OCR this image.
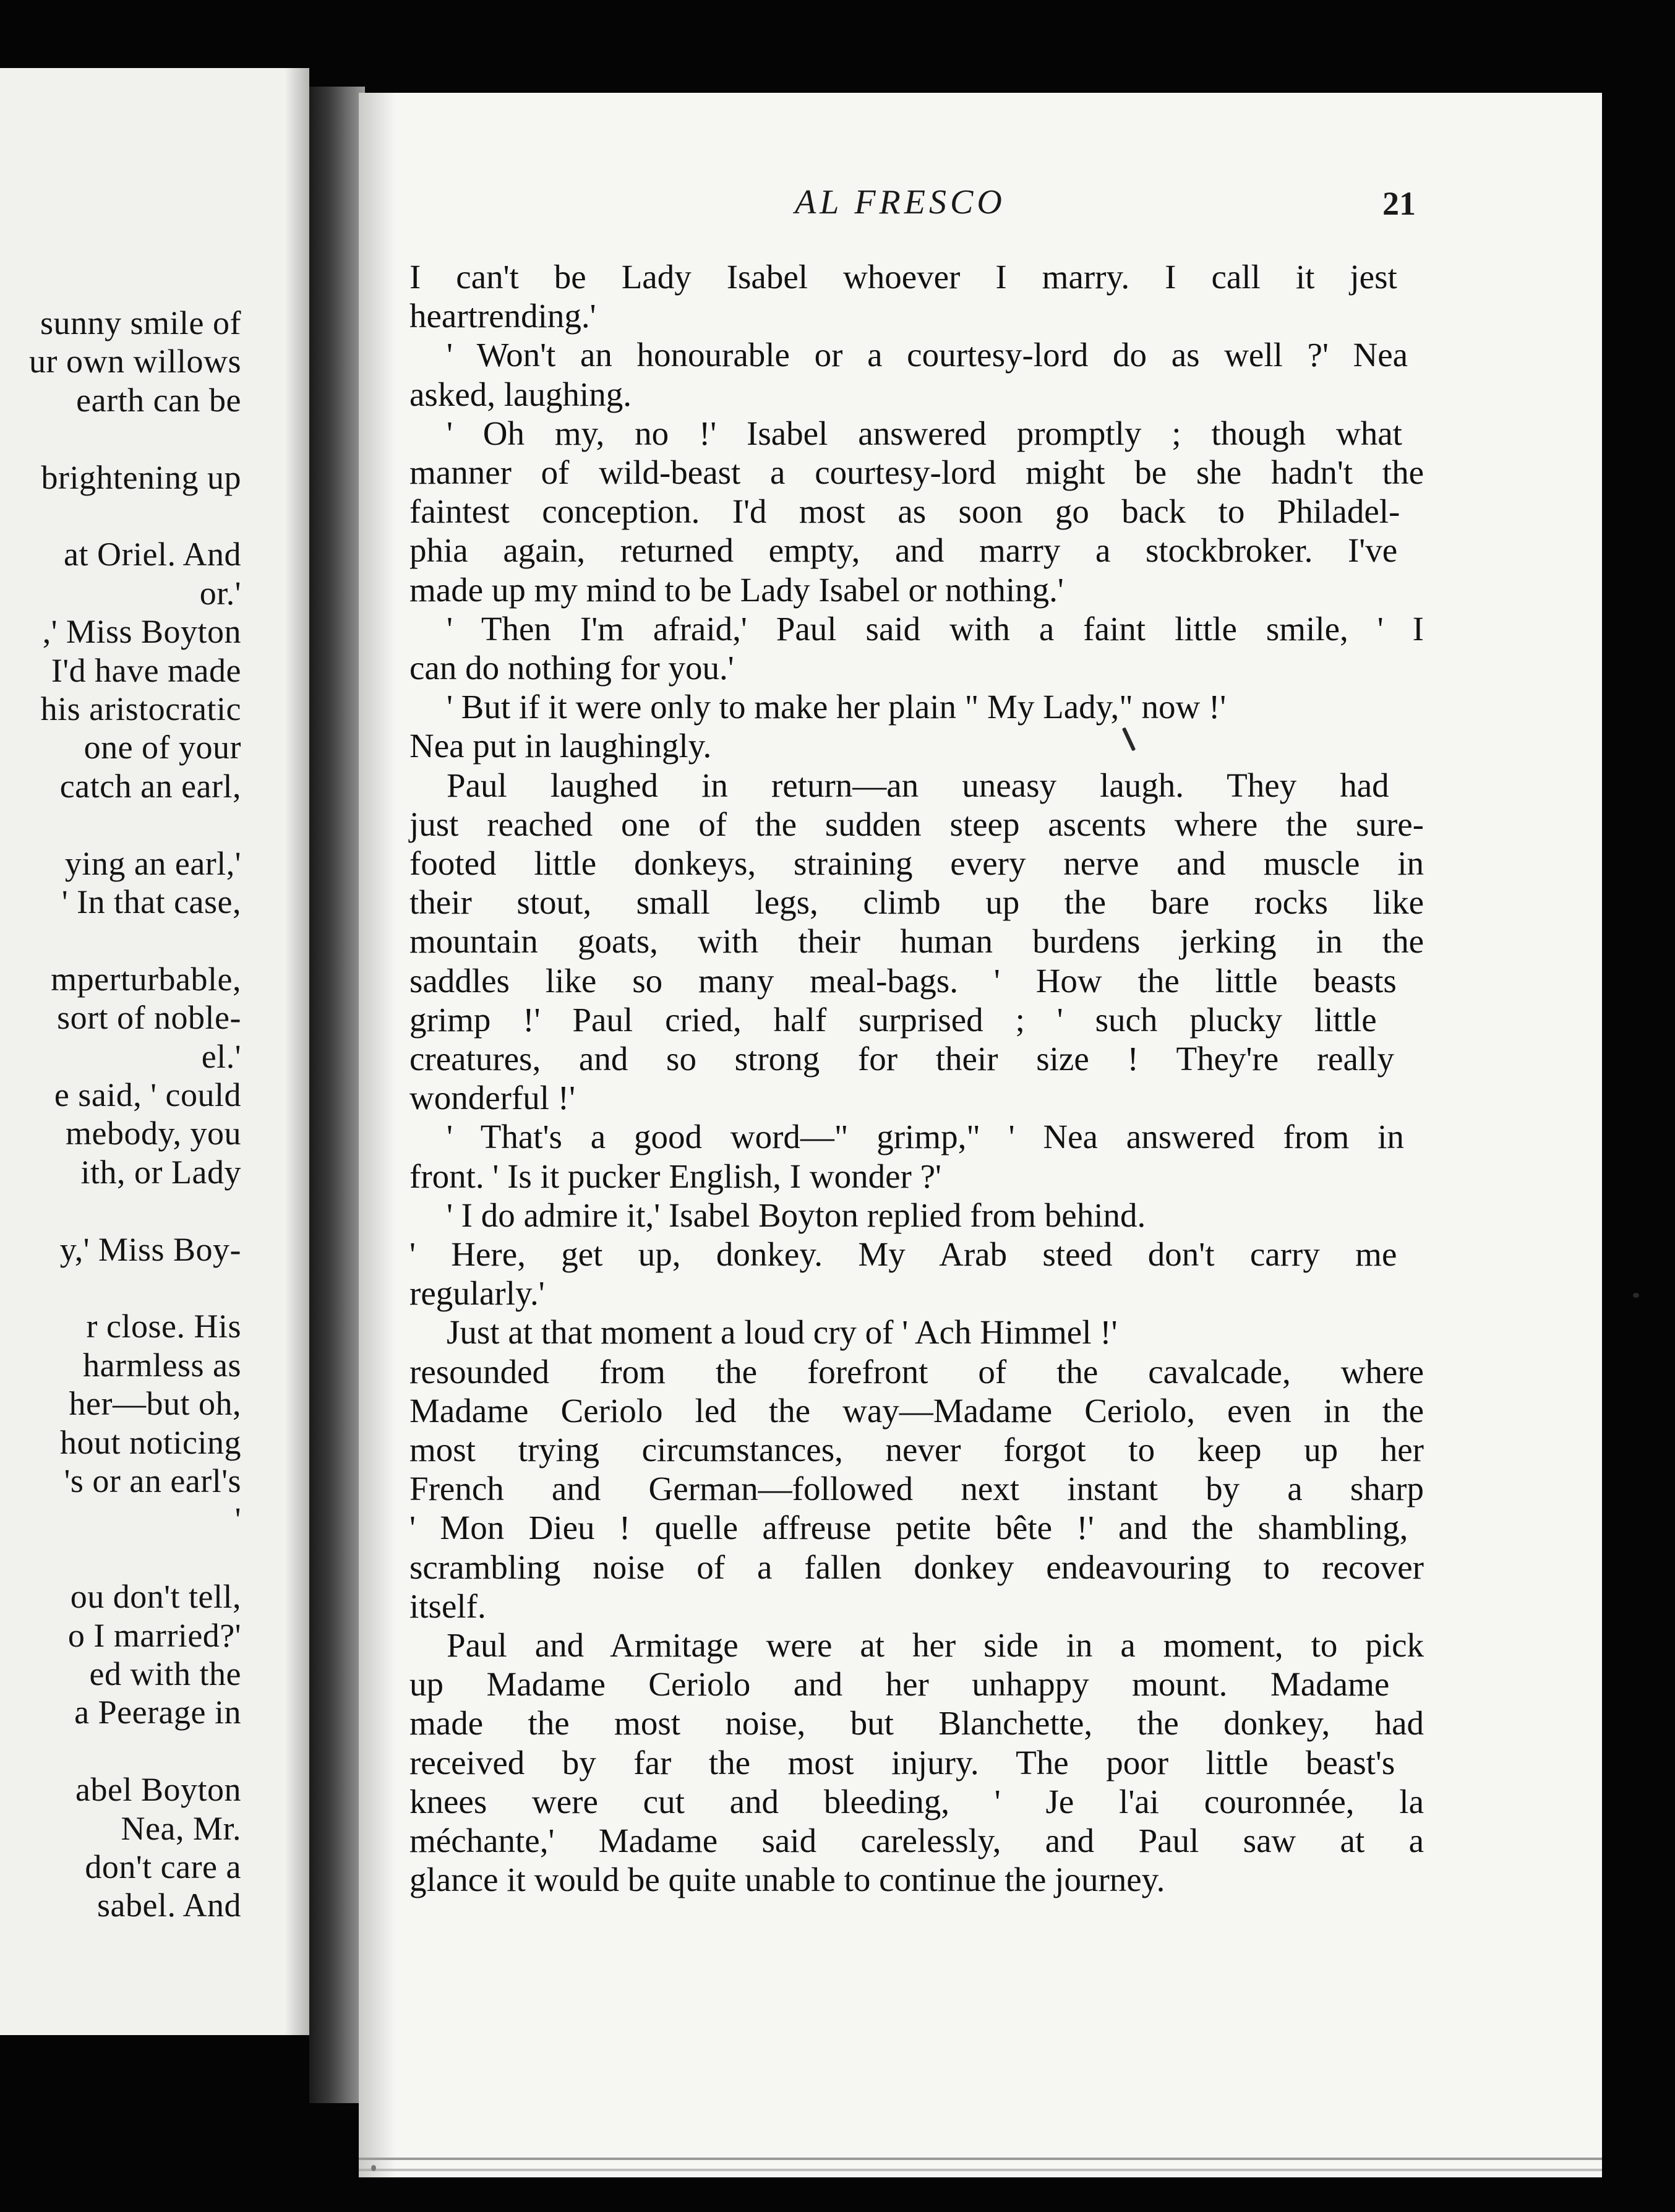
sunny smile of
ur own willows
earth can be
brightening up
at Oriel. And
or.'
,' Miss Boyton
I'd have made
his aristocratic
one of your
catch an earl,
ying an earl,'
' In that case,
mperturbable,
sort of noble-
el.'
e said, ' could
mebody, you
ith, or Lady
y,' Miss Boy-
r close. His
harmless as
her—but oh,
hout noticing
's or an earl's
'
ou don't tell,
o I married?'
ed with the
a Peerage in
abel Boyton
Nea, Mr.
don't care a
sabel. And
AL FRESCO	21
I can't be Lady Isabel whoever I marry. I call it jest
heartrending.'
' Won't an honourable or a courtesy-lord do as well ?' Nea
asked, laughing.
' Oh my, no !' Isabel answered promptly ; though what
manner of wild-beast a courtesy-lord might be she hadn't the
faintest conception. I'd most as soon go back to Philadel-
phia again, returned empty, and marry a stockbroker. I've
made up my mind to be Lady Isabel or nothing.'
' Then I'm afraid,' Paul said with a faint little smile, ' I
can do nothing for you.'
' But if it were only to make her plain " My Lady," now !'
Nea put in laughingly.
Paul laughed in return—an uneasy laugh. They had
just reached one of the sudden steep ascents where the sure-
footed little donkeys, straining every nerve and muscle in
their stout, small legs, climb up the bare rocks like
mountain goats, with their human burdens jerking in the
saddles like so many meal-bags. ' How the little beasts
grimp !' Paul cried, half surprised ; ' such plucky little
creatures, and so strong for their size ! They're really
wonderful !'
' That's a good word—" grimp," ' Nea answered from in
front. ' Is it pucker English, I wonder ?'
' I do admire it,' Isabel Boyton replied from behind.
' Here, get up, donkey. My Arab steed don't carry me
regularly.'
Just at that moment a loud cry of ' Ach Himmel !'
resounded from the forefront of the cavalcade, where
Madame Ceriolo led the way—Madame Ceriolo, even in the
most trying circumstances, never forgot to keep up her
French and German—followed next instant by a sharp
' Mon Dieu ! quelle affreuse petite bête !' and the shambling,
scrambling noise of a fallen donkey endeavouring to recover
itself.
Paul and Armitage were at her side in a moment, to pick
up Madame Ceriolo and her unhappy mount. Madame
made the most noise, but Blanchette, the donkey, had
received by far the most injury. The poor little beast's
knees were cut and bleeding, ' Je l'ai couronnée, la
méchante,' Madame said carelessly, and Paul saw at a
glance it would be quite unable to continue the journey.
